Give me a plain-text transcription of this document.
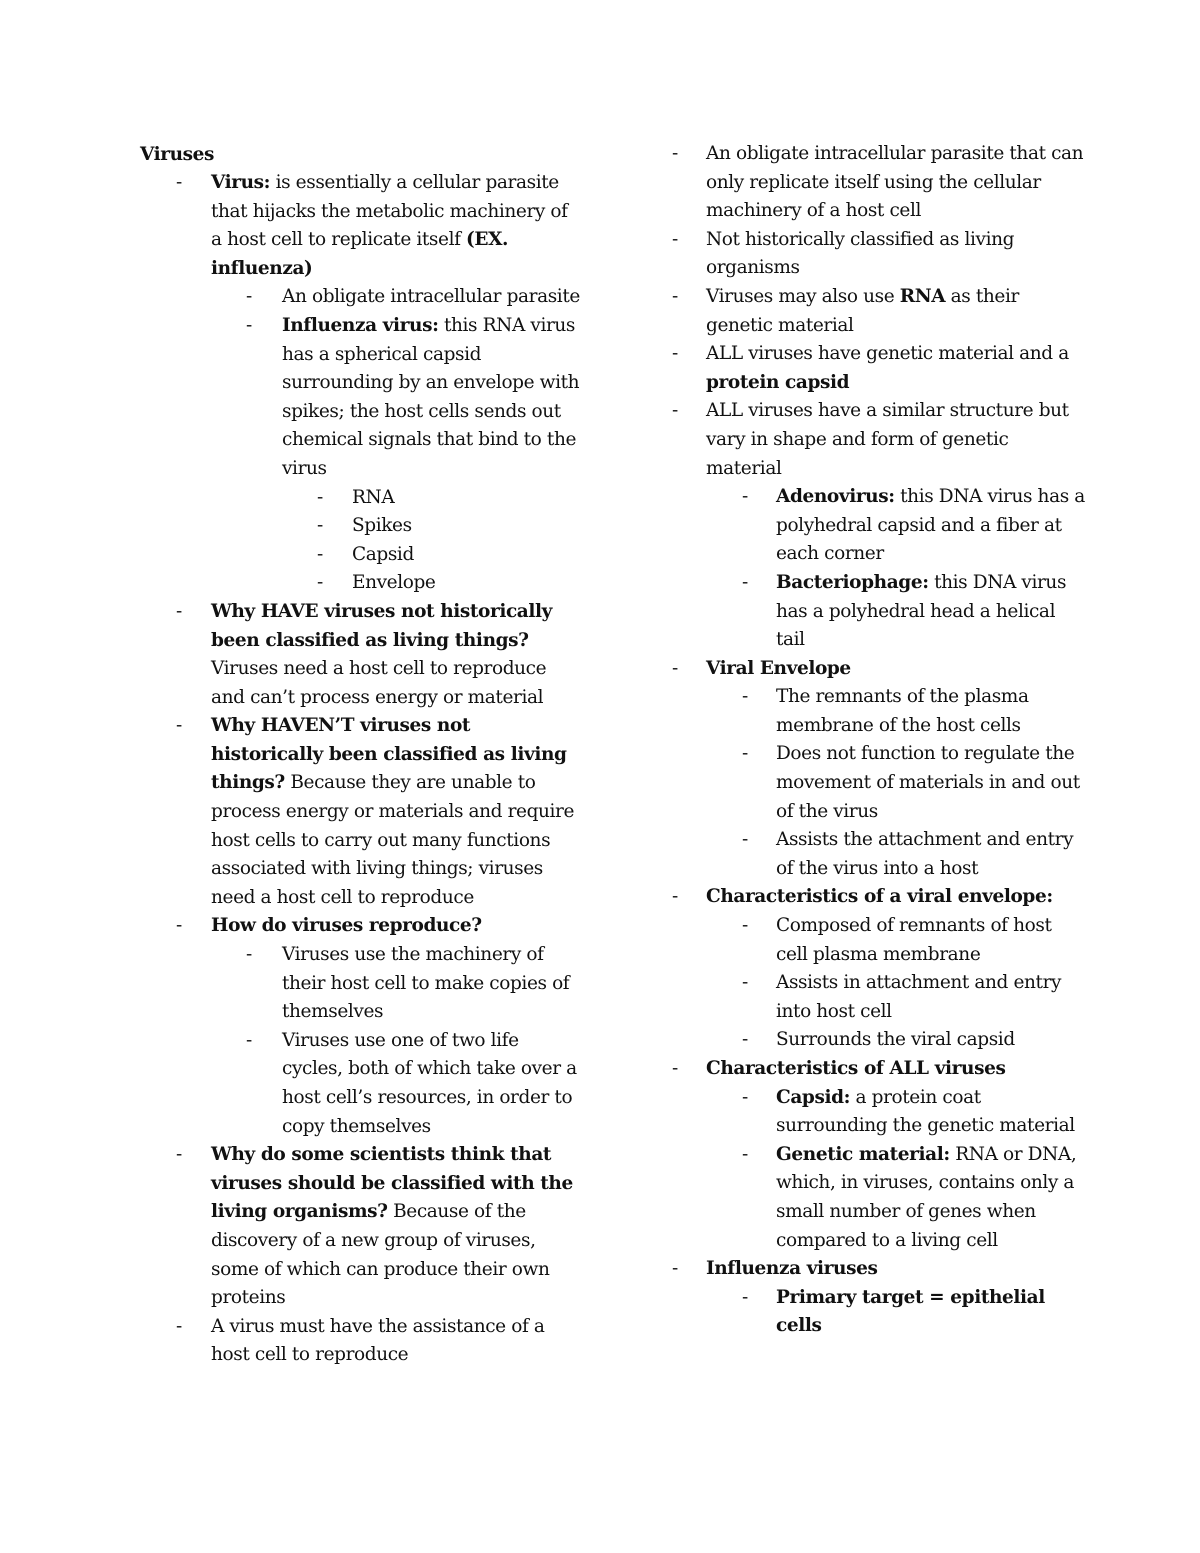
Viruses
- Virus: is essentially a cellular parasite that hijacks the metabolic machinery of a host cell to replicate itself (EX. influenza)
- An obligate intracellular parasite
- Influenza virus: this RNA virus has a spherical capsid surrounding by an envelope with spikes; the host cells sends out chemical signals that bind to the virus
- RNA
- Spikes
- Capsid
- Envelope
- Why HAVE viruses not historically been classified as living things? Viruses need a host cell to reproduce and can’t process energy or material
- Why HAVEN’T viruses not historically been classified as living things? Because they are unable to process energy or materials and require host cells to carry out many functions associated with living things; viruses need a host cell to reproduce
- How do viruses reproduce?
- Viruses use the machinery of their host cell to make copies of themselves
- Viruses use one of two life cycles, both of which take over a host cell’s resources, in order to copy themselves
- Why do some scientists think that viruses should be classified with the living organisms? Because of the discovery of a new group of viruses, some of which can produce their own proteins
- A virus must have the assistance of a host cell to reproduce
- An obligate intracellular parasite that can only replicate itself using the cellular machinery of a host cell
- Not historically classified as living organisms
- Viruses may also use RNA as their genetic material
- ALL viruses have genetic material and a protein capsid
- ALL viruses have a similar structure but vary in shape and form of genetic material
- Adenovirus: this DNA virus has a polyhedral capsid and a fiber at each corner
- Bacteriophage: this DNA virus has a polyhedral head a helical tail
- Viral Envelope
- The remnants of the plasma membrane of the host cells
- Does not function to regulate the movement of materials in and out of the virus
- Assists the attachment and entry of the virus into a host
- Characteristics of a viral envelope:
- Composed of remnants of host cell plasma membrane
- Assists in attachment and entry into host cell
- Surrounds the viral capsid
- Characteristics of ALL viruses
- Capsid: a protein coat surrounding the genetic material
- Genetic material: RNA or DNA, which, in viruses, contains only a small number of genes when compared to a living cell
- Influenza viruses
- Primary target = epithelial cells
